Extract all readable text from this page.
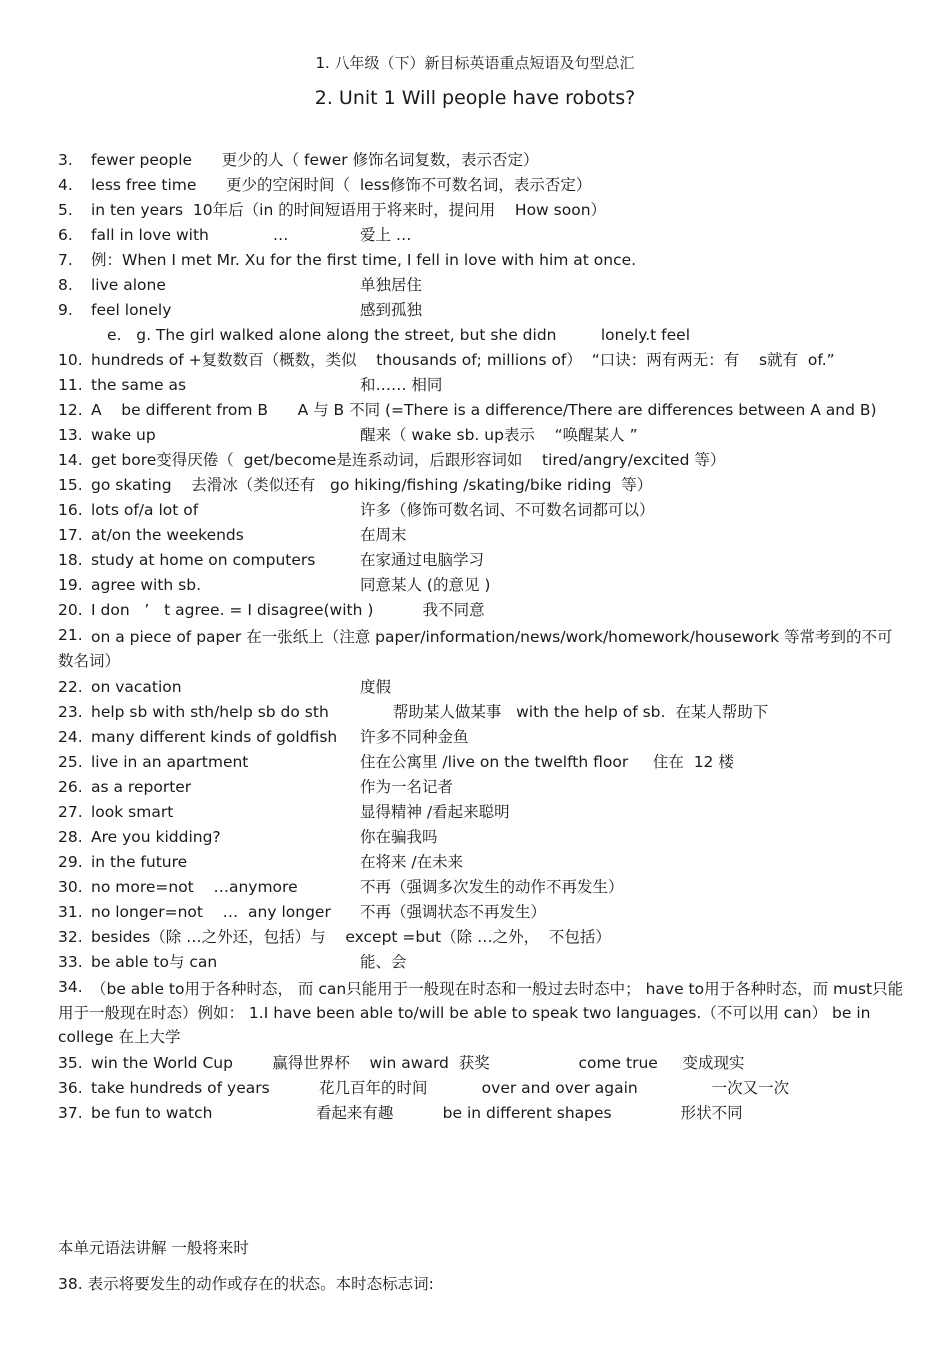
1. 八年级（下）新目标英语重点短语及句型总汇
2. Unit 1 Will people have robots?
3.	fewer people      更少的人（ fewer 修饰名词复数，表示否定）
4.	less free time      更少的空闲时间（  less修饰不可数名词，表示否定）
5.	in ten years  10年后（in 的时间短语用于将来时，提问用    How soon）
6.	fall in love with             …	爱上 …
7.	例：When I met Mr. Xu for the first time, I fell in love with him at once.
8.	live alone	单独居住
9.	feel lonely	感到孤独
e.   g. The girl walked alone along the street, but she didn         lonely.t feel
10. hundreds of +复数数百（概数，类似    thousands of; millions of）  “口诀：两有两无：有    s就有  of.”
11. the same as	和…… 相同
12. A    be different from B      A 与 B 不同 (=There is a difference/There are differences between A and B)
13. wake up	醒来（ wake sb. up表示    “唤醒某人 ”
14. get bore变得厌倦（  get/become是连系动词，后跟形容词如    tired/angry/excited 等）
15. go skating    去滑冰（类似还有   go hiking/fishing /skating/bike riding  等）
16. lots of/a lot of	许多（修饰可数名词、不可数名词都可以）
17. at/on the weekends	在周末
18. study at home on computers	在家通过电脑学习
19. agree with sb.	同意某人 (的意见 )
20. I don   ’   t agree. = I disagree(with )          我不同意
21. on a piece of paper 在一张纸上（注意 paper/information/news/work/homework/housework 等常考到的不可数名词）
22. on vacation	度假
23. help sb with sth/help sb do sth             帮助某人做某事   with the help of sb.  在某人帮助下
24. many different kinds of goldfish 许多不同种金鱼
25. live in an apartment	住在公寓里 /live on the twelfth floor     住在  12 楼
26. as a reporter	作为一名记者
27. look smart	显得精神 /看起来聪明
28. Are you kidding?	你在骗我吗
29. in the future	在将来 /在未来
30. no more=not    …anymore	不再（强调多次发生的动作不再发生）
31. no longer=not    …  any longer 不再（强调状态不再发生）
32. besides（除 …之外还，包括）与    except =but（除 …之外，  不包括）
33. be able to与 can	能、会
34. （be able to用于各种时态， 而 can只能用于一般现在时态和一般过去时态中； have to用于各种时态，而 must只能用于一般现在时态）例如： 1.I have been able to/will be able to speak two languages.（不可以用 can） be in college 在上大学
35. win the World Cup        赢得世界杯    win award  获奖                  come true     变成现实
36. take hundreds of years          花几百年的时间           over and over again               一次又一次
37. be fun to watch                     看起来有趣          be in different shapes              形状不同
本单元语法讲解 一般将来时
38. 表示将要发生的动作或存在的状态。本时态标志词:
